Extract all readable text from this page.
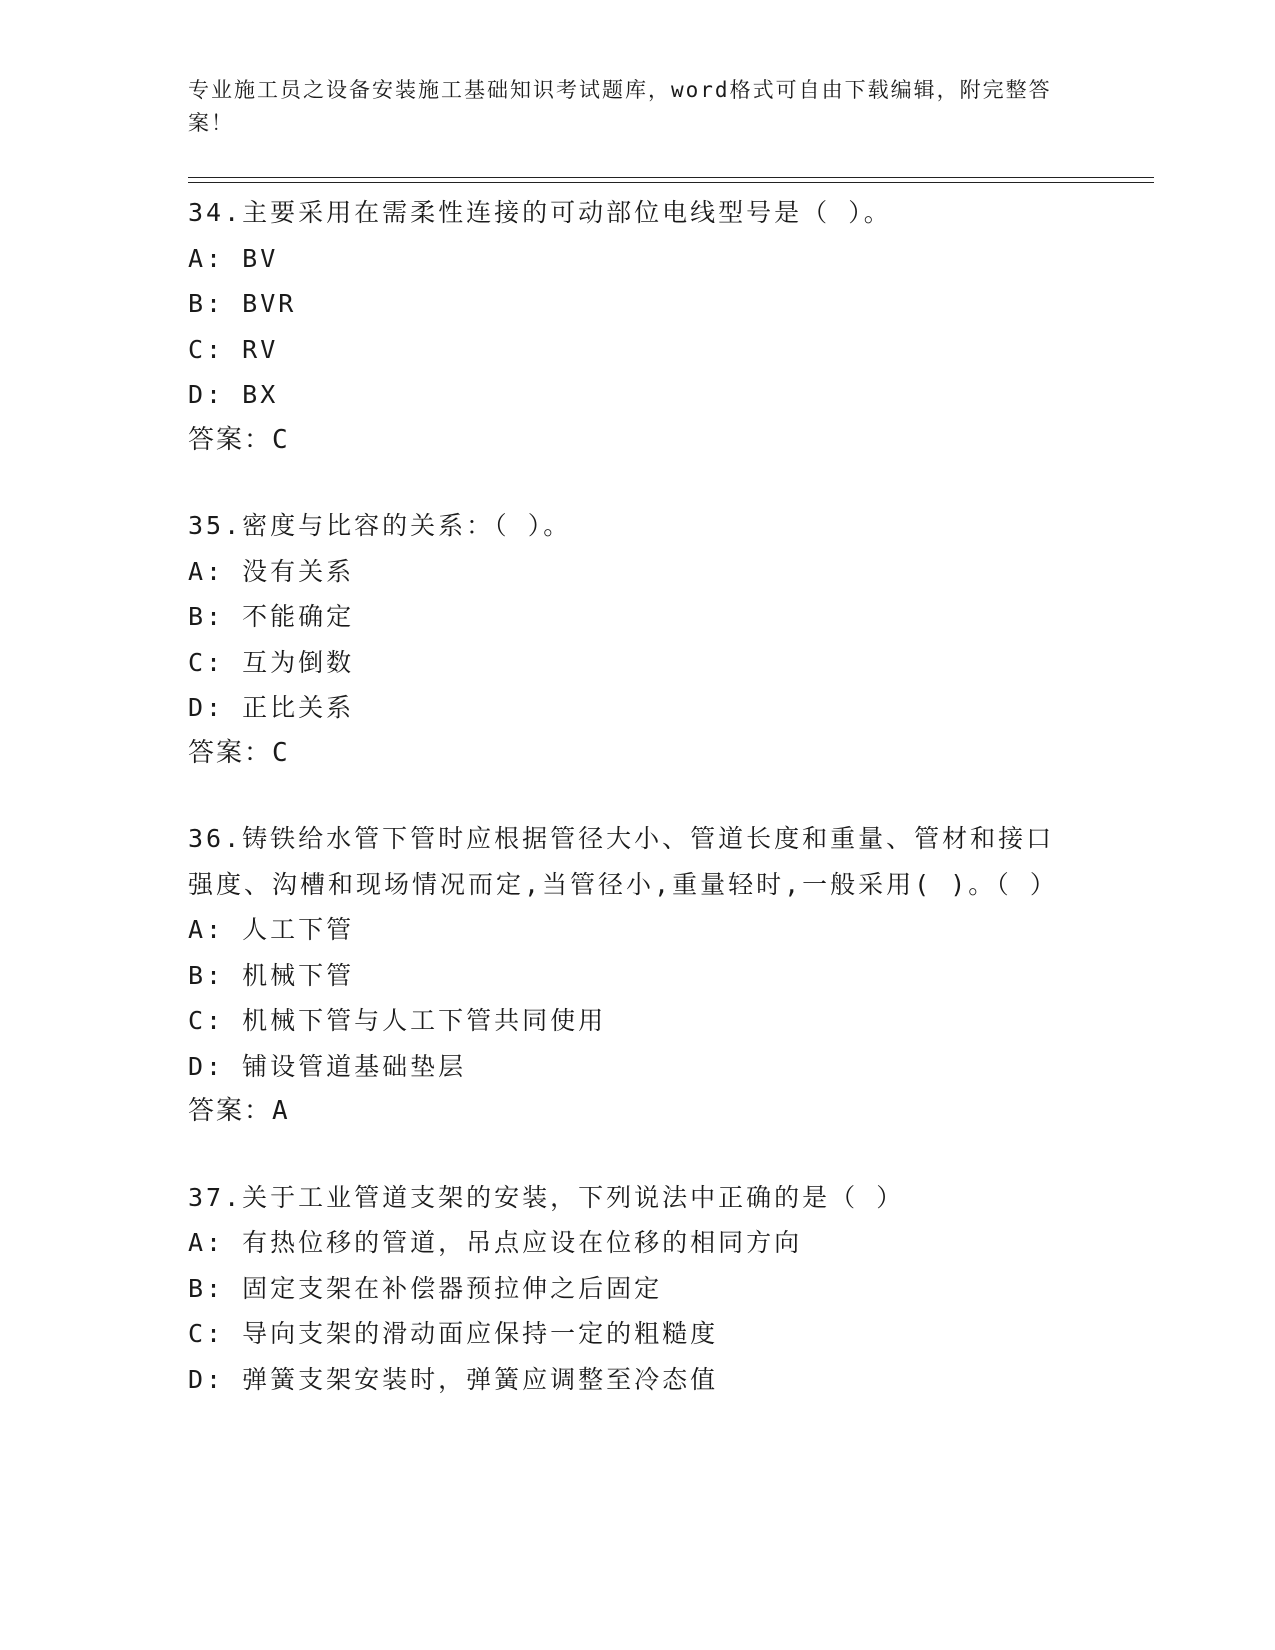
专业施工员之设备安装施工基础知识考试题库，word格式可自由下载编辑，附完整答案！
34.主要采用在需柔性连接的可动部位电线型号是（ ）。
A: BV
B: BVR
C: RV
D: BX
答案：C
35.密度与比容的关系：（ ）。
A: 没有关系
B: 不能确定
C: 互为倒数
D: 正比关系
答案：C
36.铸铁给水管下管时应根据管径大小、管道长度和重量、管材和接口强度、沟槽和现场情况而定,当管径小,重量轻时,一般采用( )。（ ）
A: 人工下管
B: 机械下管
C: 机械下管与人工下管共同使用
D: 铺设管道基础垫层
答案：A
37.关于工业管道支架的安装，下列说法中正确的是（ ）
A: 有热位移的管道，吊点应设在位移的相同方向
B: 固定支架在补偿器预拉伸之后固定
C: 导向支架的滑动面应保持一定的粗糙度
D: 弹簧支架安装时，弹簧应调整至冷态值
